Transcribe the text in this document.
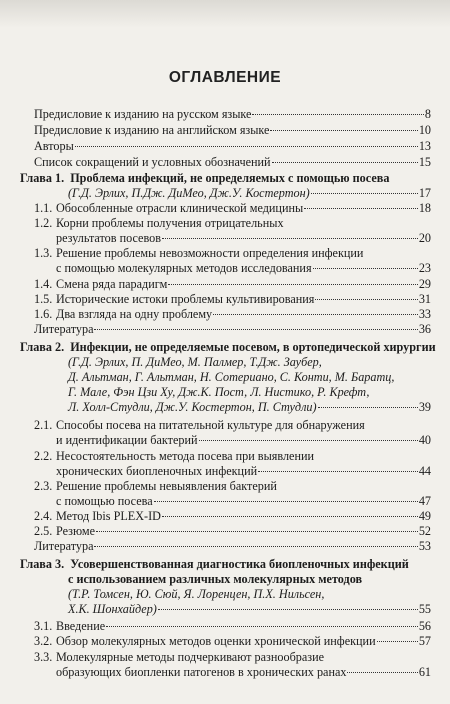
ОГЛАВЛЕНИЕ
Предисловие к изданию на русском языке	8
Предисловие к изданию на английском языке	10
Авторы	13
Список сокращений и условных обозначений	15
Глава 1. Проблема инфекций, не определяемых с помощью посева
(Г.Д. Эрлих, П.Дж. ДиМео, Дж.У. Костертон)	17
1.1. Обособленные отрасли клинической медицины	18
1.2. Корни проблемы получения отрицательных
результатов посевов	20
1.3. Решение проблемы невозможности определения инфекции
с помощью молекулярных методов исследования	23
1.4. Смена ряда парадигм	29
1.5. Исторические истоки проблемы культивирования	31
1.6. Два взгляда на одну проблему	33
Литература	36
Глава 2. Инфекции, не определяемые посевом, в ортопедической хирургии
(Г.Д. Эрлих, П. ДиМео, М. Палмер, Т.Дж. Заубер,
Д. Альтман, Г. Альтман, Н. Сотериано, С. Конти, М. Баратц,
Г. Мале, Фэн Цзи Ху, Дж.К. Пост, Л. Нистико, Р. Крефт,
Л. Холл-Студли, Дж.У. Костертон, П. Студли)	39
2.1. Способы посева на питательной культуре для обнаружения
и идентификации бактерий	40
2.2. Несостоятельность метода посева при выявлении
хронических биопленочных инфекций	44
2.3. Решение проблемы невыявления бактерий
с помощью посева	47
2.4. Метод Ibis PLEX-ID	49
2.5. Резюме	52
Литература	53
Глава 3. Усовершенствованная диагностика биопленочных инфекций
с использованием различных молекулярных методов
(Т.Р. Томсен, Ю. Сюй, Я. Лоренцен, П.Х. Нильсен,
Х.К. Шонхайдер)	55
3.1. Введение	56
3.2. Обзор молекулярных методов оценки хронической инфекции	57
3.3. Молекулярные методы подчеркивают разнообразие
образующих биопленки патогенов в хронических ранах	61
